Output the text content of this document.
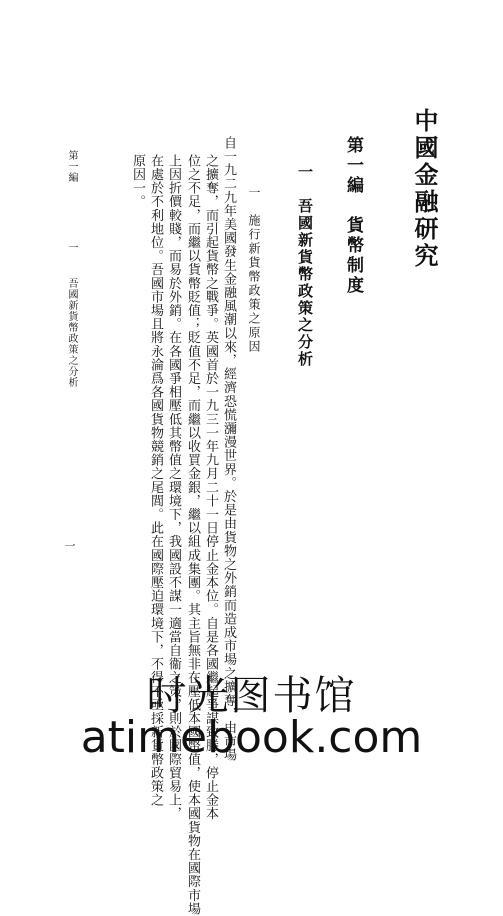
中國金融研究
第一編　貨幣制度
一　吾國新貨幣政策之分析
一　施行新貨幣政策之原因
自一九二九年美國發生金融風潮以來，經濟恐慌瀰漫世界。於是由貨物之外銷而造成市場之擴奪，由市場
之擴奪，而引起貨幣之戰爭。英國首於一九三一年九月二十一日停止金本位。自是各國繼起爭謀致勝，停止金本
位之不足，而繼以貨幣貶值；貶值不足，而繼以收買金銀，繼以組成集團。其主旨無非在壓低本國幣值，使本國貨物在國際市場
上因折價較賤，而易於外銷。在各國爭相壓低其幣值之環境下，我國設不謀一適當自衞之策，則於國際貿易上，
在處於不利地位。吾國市場且將永淪爲各國貨物競銷之尾閭。此在國際壓迫環境下，不得不亟採新貨幣政策之
原因一。
第一編
一
吾國新貨幣政策之分析
一
时光图书馆
atimebook.com
